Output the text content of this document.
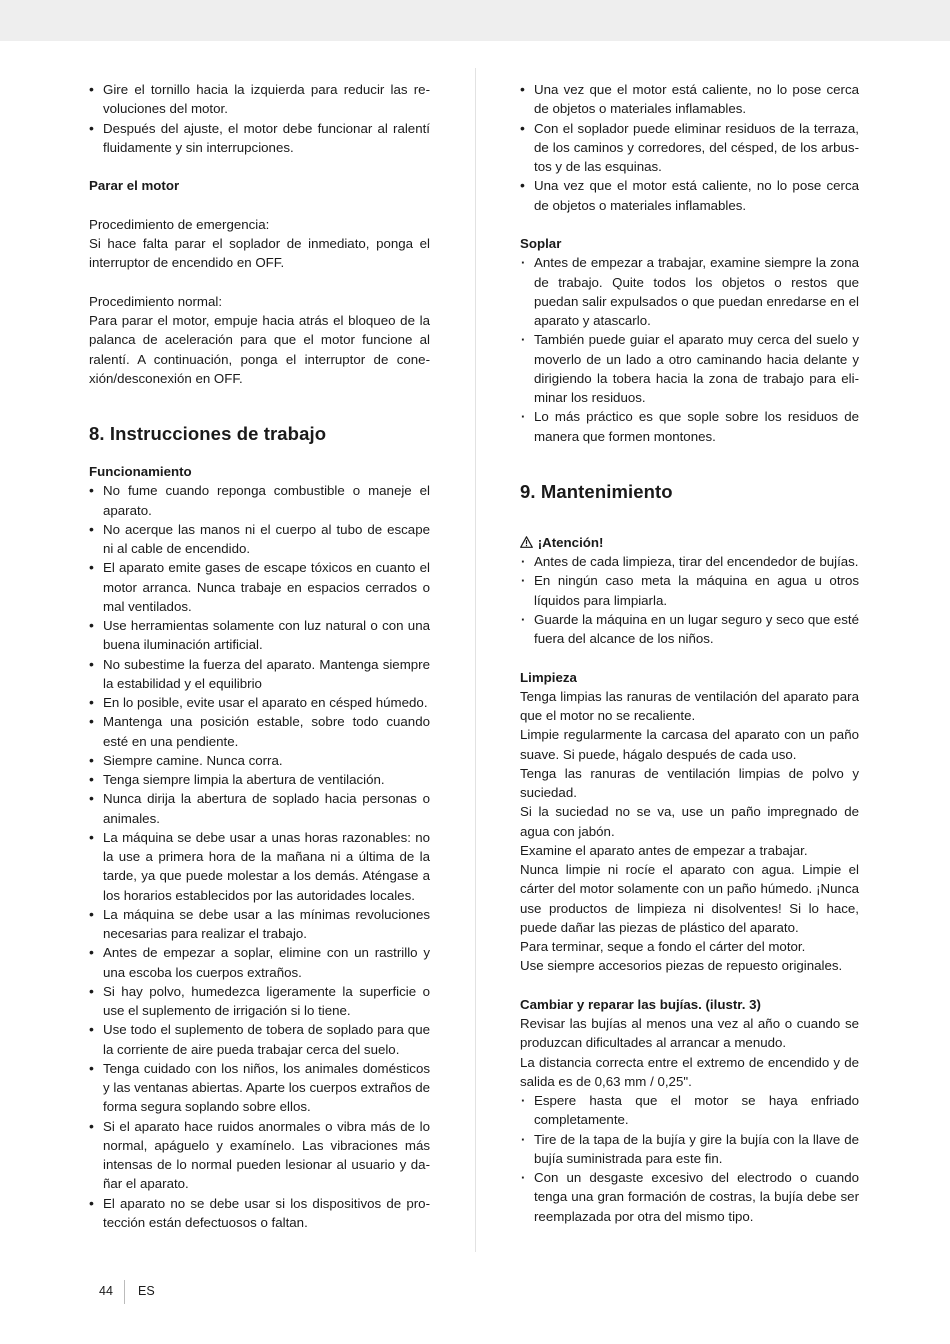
• Gire el tornillo hacia la izquierda para reducir las revoluciones del motor.
• Después del ajuste, el motor debe funcionar al ralentí fluidamente y sin interrupciones.

Parar el motor

Procedimiento de emergencia:

Si hace falta parar el soplador de inmediato, ponga el interruptor de encendido en OFF.

Procedimiento normal:

Para parar el motor, empuje hacia atrás el bloqueo de la palanca de aceleración para que el motor funcione al ralentí. A continuación, ponga el interruptor de conexión/desconexión en OFF.

8. Instrucciones de trabajo

Funcionamiento

• No fume cuando reponga combustible o maneje el aparato.
• No acerque las manos ni el cuerpo al tubo de escape ni al cable de encendido.
• El aparato emite gases de escape tóxicos en cuanto el motor arranca. Nunca trabaje en espacios cerrados o mal ventilados.
• Use herramientas solamente con luz natural o con una buena iluminación artificial.
• No subestime la fuerza del aparato. Mantenga siempre la estabilidad y el equilibrio
• En lo posible, evite usar el aparato en césped húmedo.
• Mantenga una posición estable, sobre todo cuando esté en una pendiente.
• Siempre camine. Nunca corra.
• Tenga siempre limpia la abertura de ventilación.
• Nunca dirija la abertura de soplado hacia personas o animales.
• La máquina se debe usar a unas horas razonables: no la use a primera hora de la mañana ni a última de la tarde, ya que puede molestar a los demás. Aténgase a los horarios establecidos por las autoridades locales.
• La máquina se debe usar a las mínimas revoluciones necesarias para realizar el trabajo.
• Antes de empezar a soplar, elimine con un rastrillo y una escoba los cuerpos extraños.
• Si hay polvo, humedezca ligeramente la superficie o use el suplemento de irrigación si lo tiene.
• Use todo el suplemento de tobera de soplado para que la corriente de aire pueda trabajar cerca del suelo.
• Tenga cuidado con los niños, los animales domésticos y las ventanas abiertas. Aparte los cuerpos extraños de forma segura soplando sobre ellos.
• Si el aparato hace ruidos anormales o vibra más de lo normal, apáguelo y examínelo. Las vibraciones más intensas de lo normal pueden lesionar al usuario y dañar el aparato.
• El aparato no se debe usar si los dispositivos de protección están defectuosos o faltan.
• Una vez que el motor está caliente, no lo pose cerca de objetos o materiales inflamables.
• Con el soplador puede eliminar residuos de la terraza, de los caminos y corredores, del césped, de los arbustos y de las esquinas.
• Una vez que el motor está caliente, no lo pose cerca de objetos o materiales inflamables.

Soplar

· Antes de empezar a trabajar, examine siempre la zona de trabajo. Quite todos los objetos o restos que puedan salir expulsados o que puedan enredarse en el aparato y atascarlo.
· También puede guiar el aparato muy cerca del suelo y moverlo de un lado a otro caminando hacia delante y dirigiendo la tobera hacia la zona de trabajo para eliminar los residuos.
· Lo más práctico es que sople sobre los residuos de manera que formen montones.
9. Mantenimiento

¡Atención!

· Antes de cada limpieza, tirar del encendedor de bujías.
· En ningún caso meta la máquina en agua u otros líquidos para limpiarla.
· Guarde la máquina en un lugar seguro y seco que esté fuera del alcance de los niños.

Limpieza

Tenga limpias las ranuras de ventilación del aparato para que el motor no se recaliente.

Limpie regularmente la carcasa del aparato con un paño suave. Si puede, hágalo después de cada uso.

Tenga las ranuras de ventilación limpias de polvo y suciedad.

Si la suciedad no se va, use un paño impregnado de agua con jabón.

Examine el aparato antes de empezar a trabajar.

Nunca limpie ni rocíe el aparato con agua. Limpie el cárter del motor solamente con un paño húmedo. ¡Nunca use productos de limpieza ni disolventes! Si lo hace, puede dañar las piezas de plástico del aparato.

Para terminar, seque a fondo el cárter del motor.

Use siempre accesorios piezas de repuesto originales.

Cambiar y reparar las bujías. (ilustr. 3)

Revisar las bujías al menos una vez al año o cuando se produzcan dificultades al arrancar a menudo.

La distancia correcta entre el extremo de encendido y de salida es de 0,63 mm / 0,25".

· Espere hasta que el motor se haya enfriado completamente.
· Tire de la tapa de la bujía y gire la bujía con la llave de bujía suministrada para este fin.
· Con un desgaste excesivo del electrodo o cuando tenga una gran formación de costras, la bujía debe ser reemplazada por otra del mismo tipo.
44 ES
